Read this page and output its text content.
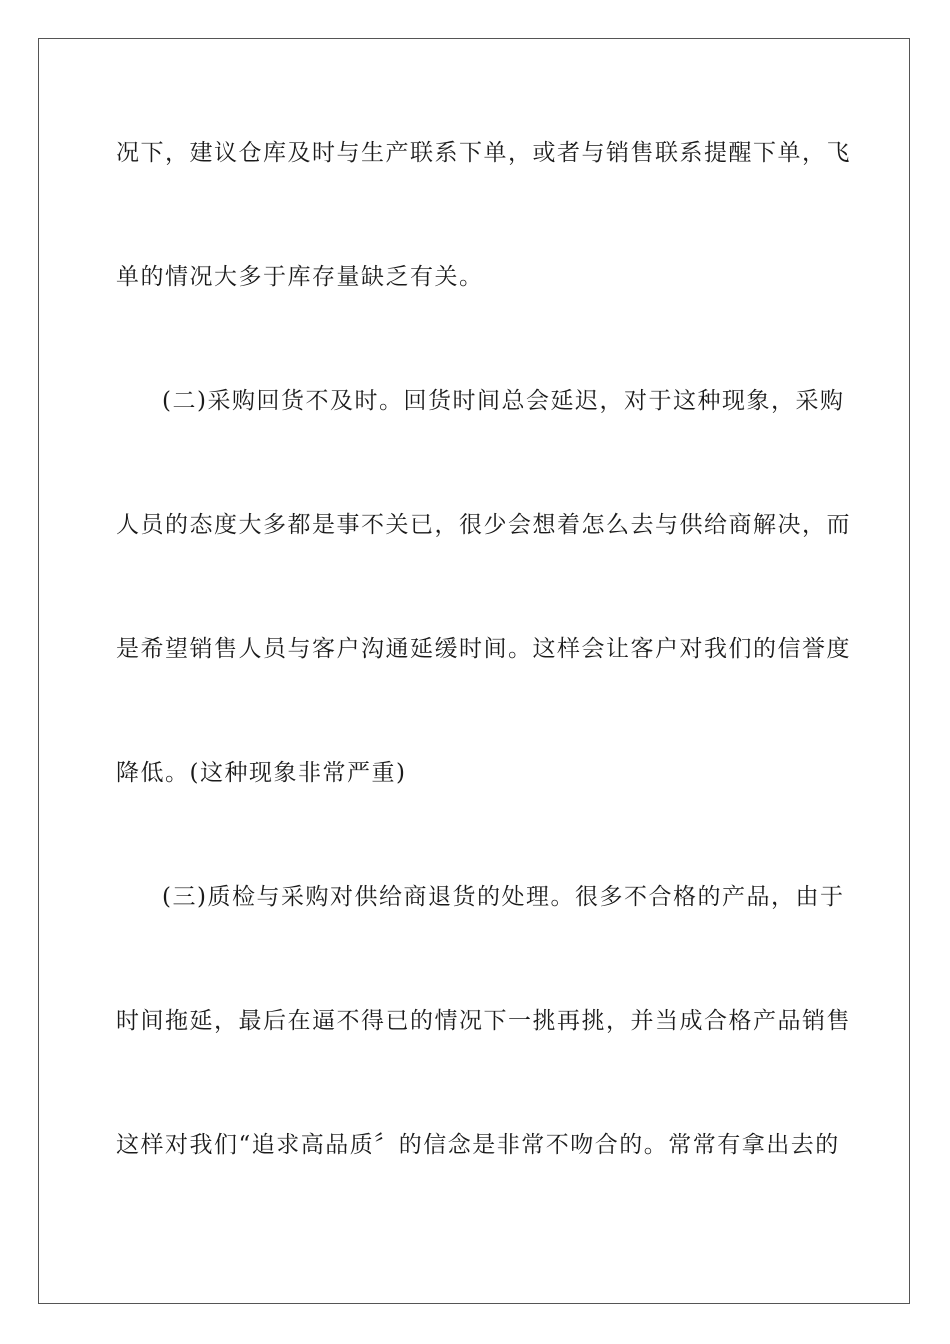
况下，建议仓库及时与生产联系下单，或者与销售联系提醒下单，飞
单的情况大多于库存量缺乏有关。
(二)采购回货不及时。回货时间总会延迟，对于这种现象，采购
人员的态度大多都是事不关已，很少会想着怎么去与供给商解决，而
是希望销售人员与客户沟通延缓时间。这样会让客户对我们的信誉度
降低。(这种现象非常严重)
(三)质检与采购对供给商退货的处理。很多不合格的产品，由于
时间拖延，最后在逼不得已的情况下一挑再挑，并当成合格产品销售
这样对我们“追求高品质〞的信念是非常不吻合的。常常有拿出去的
